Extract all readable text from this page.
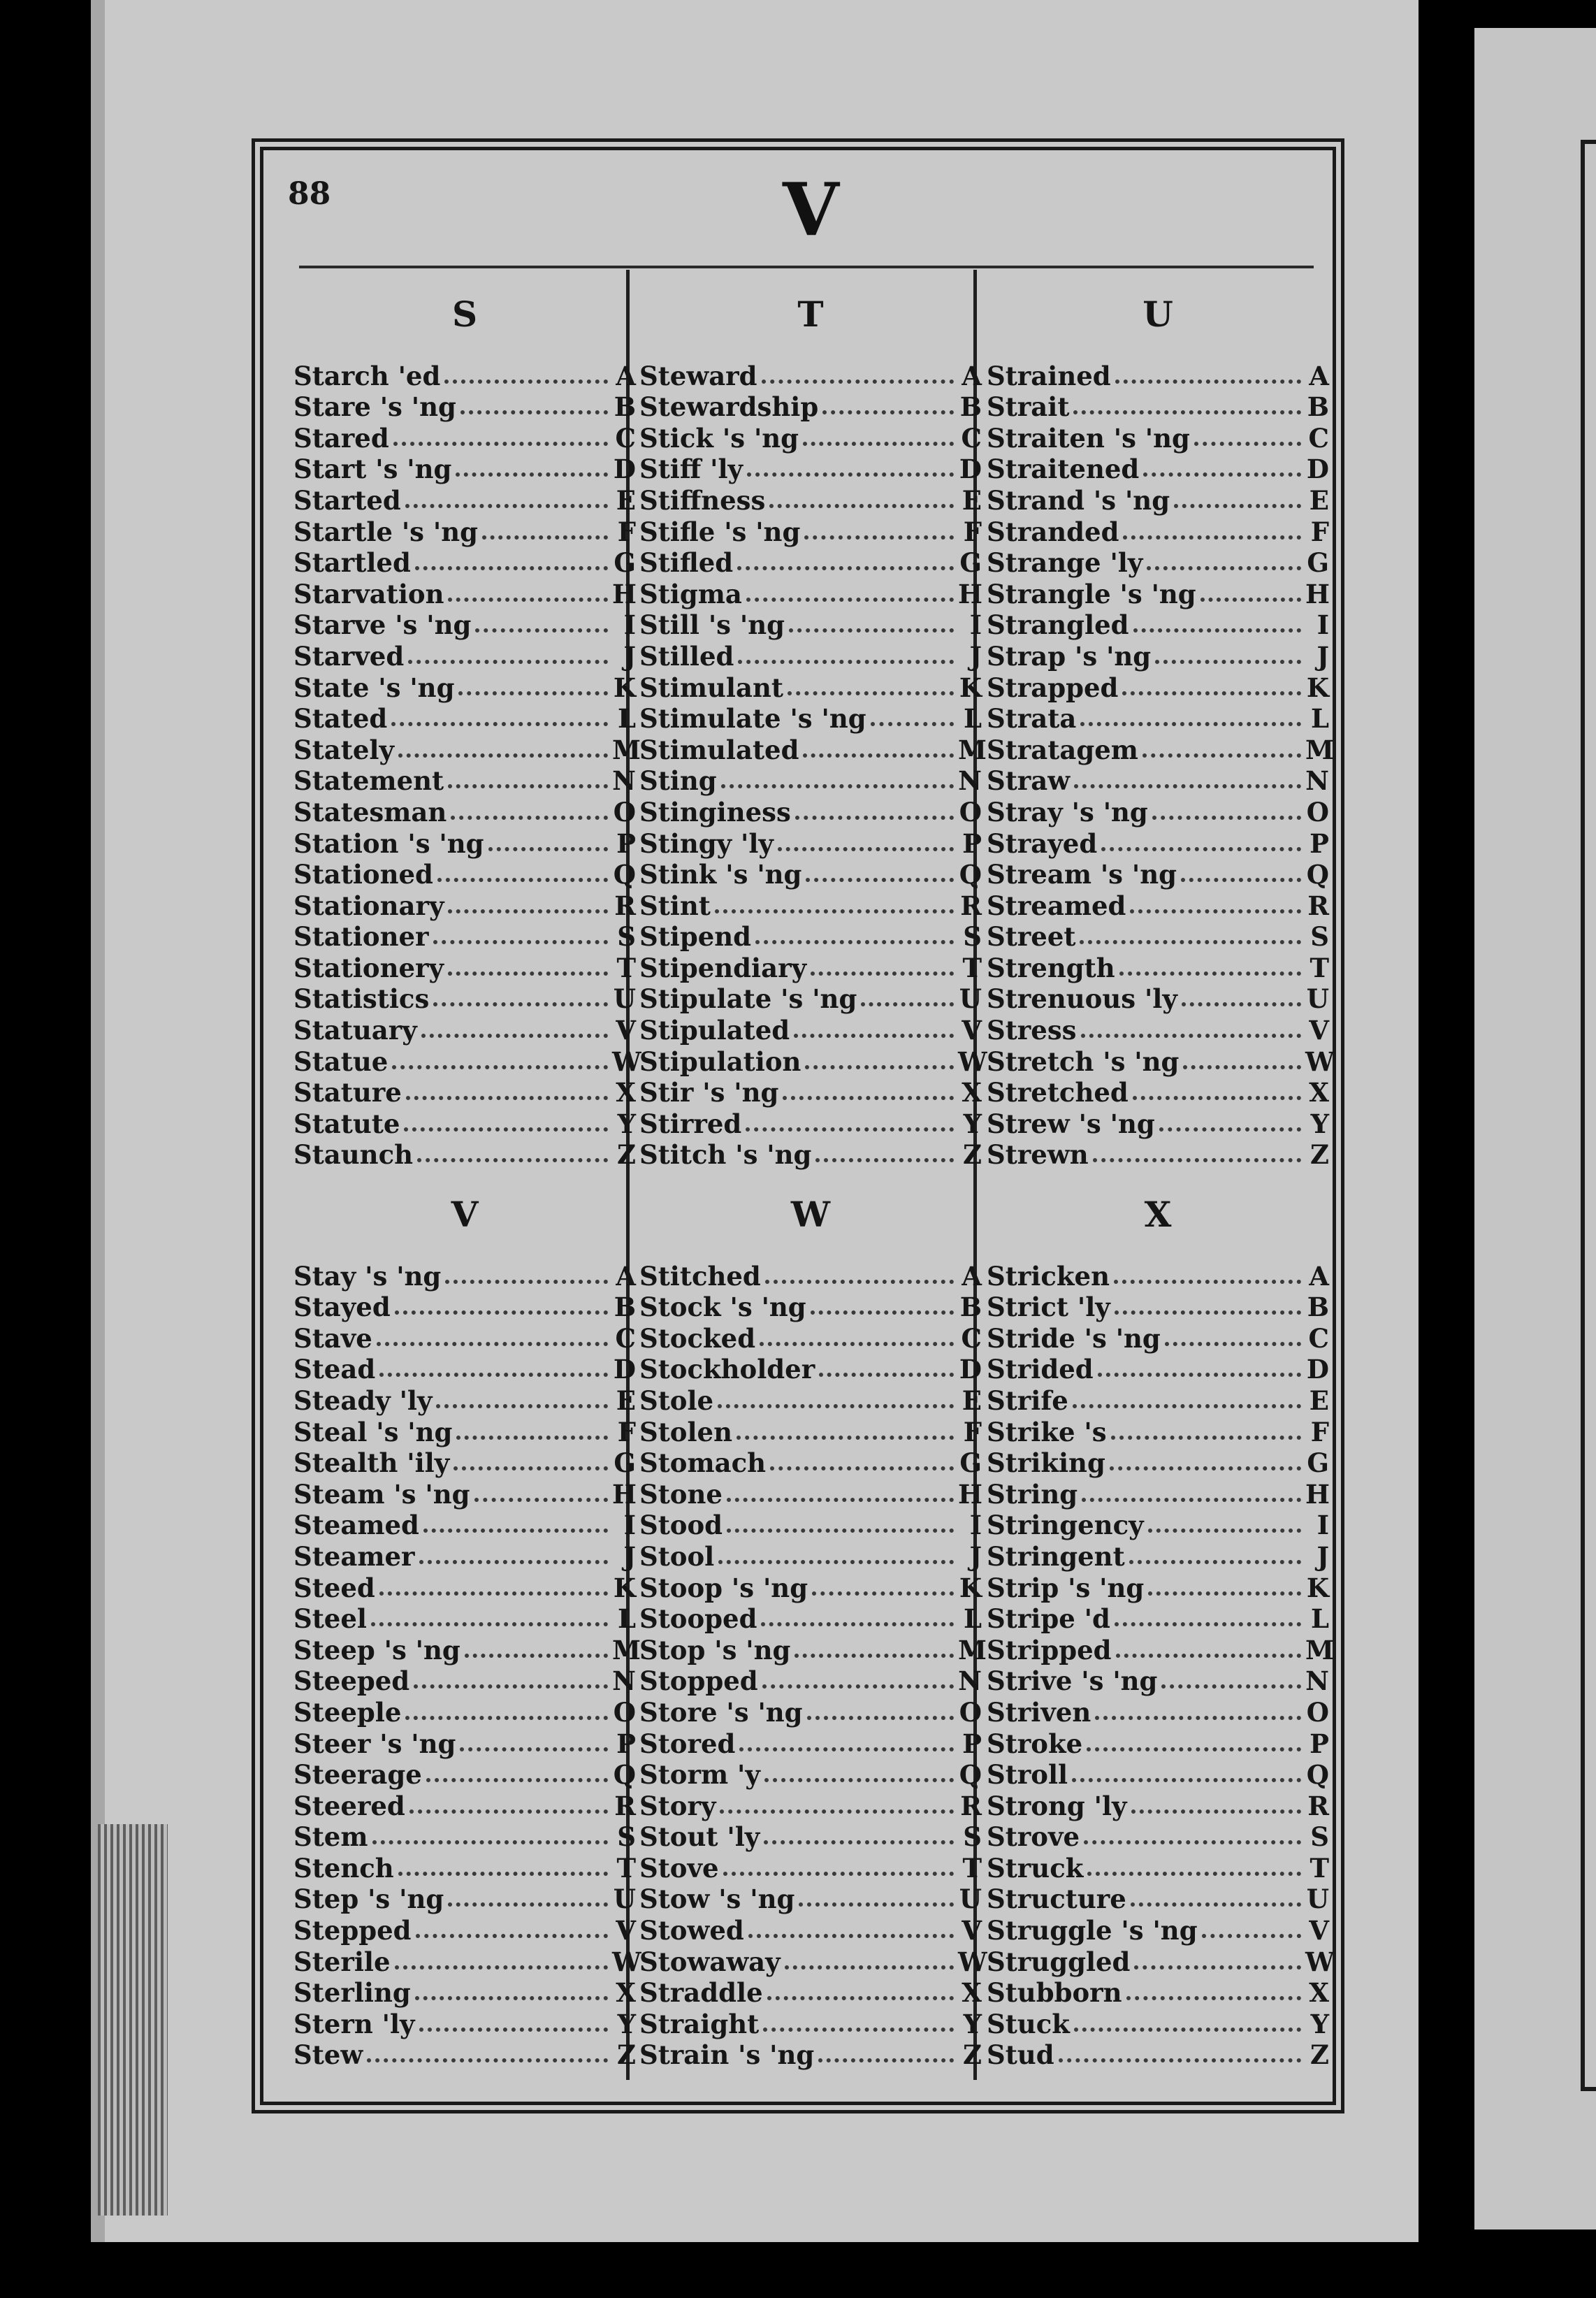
88	V
S
Starch 'ed	A
Stare 's 'ng	B
Stared	C
Start 's 'ng	D
Started	E
Startle 's 'ng	F
Startled	G
Starvation	H
Starve 's 'ng	I
Starved	J
State 's 'ng	K
Stated	L
Stately	M
Statement	N
Statesman	O
Station 's 'ng	P
Stationed	Q
Stationary	R
Stationer	S
Stationery	T
Statistics	U
Statuary	V
Statue	W
Stature	X
Statute	Y
Staunch	Z
T
Steward	A
Stewardship	B
Stick 's 'ng	C
Stiff 'ly	D
Stiffness	E
Stifle 's 'ng	F
Stifled	G
Stigma	H
Still 's 'ng	I
Stilled	J
Stimulant	K
Stimulate 's 'ng	L
Stimulated	M
Sting	N
Stinginess	O
Stingy 'ly	P
Stink 's 'ng	Q
Stint	R
Stipend	S
Stipendiary	T
Stipulate 's 'ng	U
Stipulated	V
Stipulation	W
Stir 's 'ng	X
Stirred	Y
Stitch 's 'ng	Z
U
Strained	A
Strait	B
Straiten 's 'ng	C
Straitened	D
Strand 's 'ng	E
Stranded	F
Strange 'ly	G
Strangle 's 'ng	H
Strangled	I
Strap 's 'ng	J
Strapped	K
Strata	L
Stratagem	M
Straw	N
Stray 's 'ng	O
Strayed	P
Stream 's 'ng	Q
Streamed	R
Street	S
Strength	T
Strenuous 'ly	U
Stress	V
Stretch 's 'ng	W
Stretched	X
Strew 's 'ng	Y
Strewn	Z
V
Stay 's 'ng	A
Stayed	B
Stave	C
Stead	D
Steady 'ly	E
Steal 's 'ng	F
Stealth 'ily	G
Steam 's 'ng	H
Steamed	I
Steamer	J
Steed	K
Steel	L
Steep 's 'ng	M
Steeped	N
Steeple	O
Steer 's 'ng	P
Steerage	Q
Steered	R
Stem	S
Stench	T
Step 's 'ng	U
Stepped	V
Sterile	W
Sterling	X
Stern 'ly	Y
Stew	Z
W
Stitched	A
Stock 's 'ng	B
Stocked	C
Stockholder	D
Stole	E
Stolen	F
Stomach	G
Stone	H
Stood	I
Stool	J
Stoop 's 'ng	K
Stooped	L
Stop 's 'ng	M
Stopped	N
Store 's 'ng	O
Stored	P
Storm 'y	Q
Story	R
Stout 'ly	S
Stove	T
Stow 's 'ng	U
Stowed	V
Stowaway	W
Straddle	X
Straight	Y
Strain 's 'ng	Z
X
Stricken	A
Strict 'ly	B
Stride 's 'ng	C
Strided	D
Strife	E
Strike 's	F
Striking	G
String	H
Stringency	I
Stringent	J
Strip 's 'ng	K
Stripe 'd	L
Stripped	M
Strive 's 'ng	N
Striven	O
Stroke	P
Stroll	Q
Strong 'ly	R
Strove	S
Struck	T
Structure	U
Struggle 's 'ng	V
Struggled	W
Stubborn	X
Stuck	Y
Stud	Z
